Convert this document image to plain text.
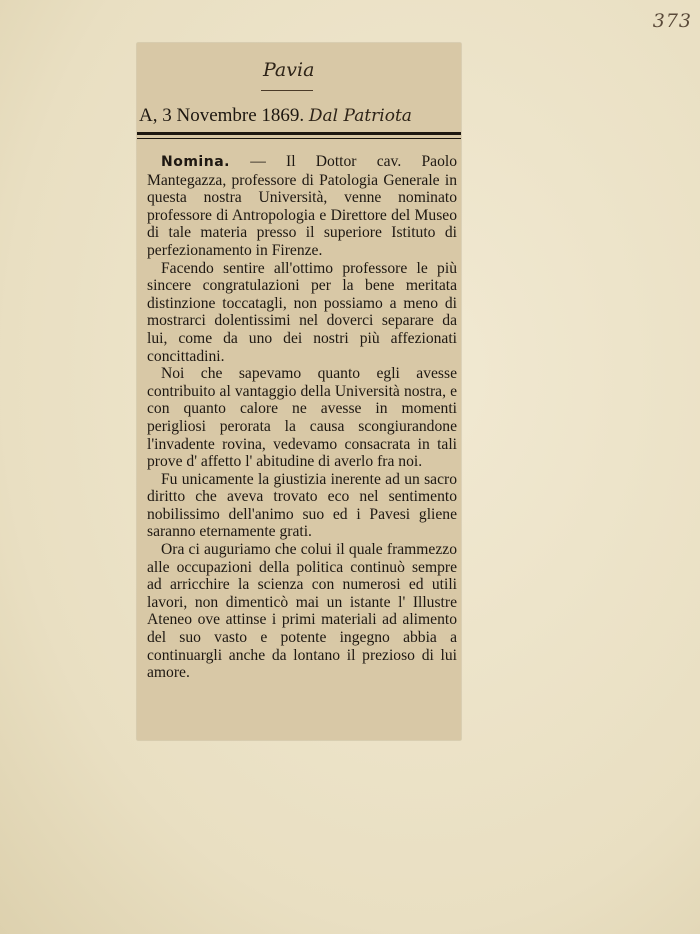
373
Pavia
A, 3 Novembre 1869. Dal Patriota

Nomina. — Il Dottor cav. Paolo Mantegazza, professore di Patologia Generale in questa nostra Università, venne nominato professore di Antropologia e Direttore del Museo di tale materia presso il superiore Istituto di perfezionamento in Firenze.

Facendo sentire all'ottimo professore le più sincere congratulazioni per la bene meritata distinzione toccatagli, non possiamo a meno di mostrarci dolentissimi nel doverci separare da lui, come da uno dei nostri più affezionati concittadini.

Noi che sapevamo quanto egli avesse contribuito al vantaggio della Università nostra, e con quanto calore ne avesse in momenti perigliosi perorata la causa scongiurandone l'invadente rovina, vedevamo consacrata in tali prove d' affetto l' abitudine di averlo fra noi.

Fu unicamente la giustizia inerente ad un sacro diritto che aveva trovato eco nel sentimento nobilissimo dell'animo suo ed i Pavesi gliene saranno eternamente grati.

Ora ci auguriamo che colui il quale frammezzo alle occupazioni della politica continuò sempre ad arricchire la scienza con numerosi ed utili lavori, non dimenticò mai un istante l' Illustre Ateneo ove attinse i primi materiali ad alimento del suo vasto e potente ingegno abbia a continuargli anche da lontano il prezioso di lui amore.
